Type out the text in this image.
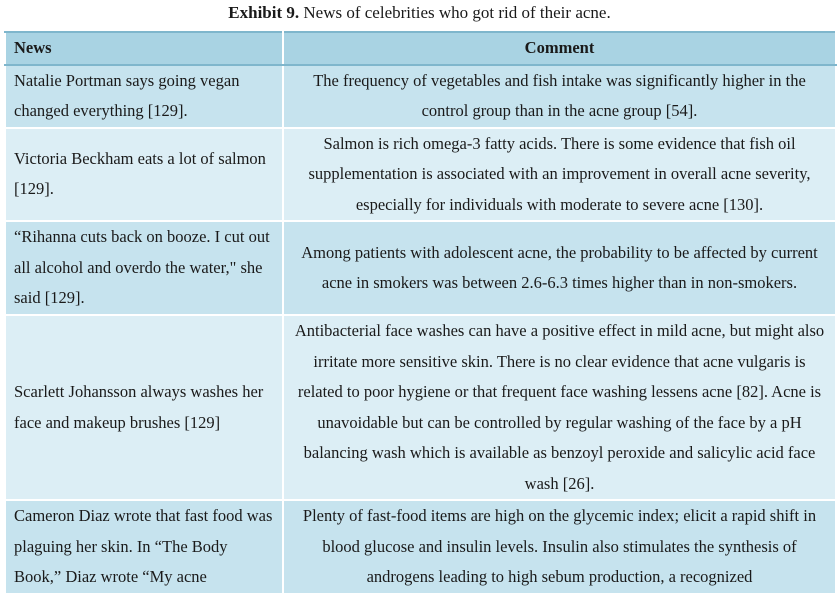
Exhibit 9. News of celebrities who got rid of their acne.
News	Comment
Natalie Portman says going vegan changed everything [129].	The frequency of vegetables and fish intake was significantly higher in the control group than in the acne group [54].
Victoria Beckham eats a lot of salmon [129].	Salmon is rich omega-3 fatty acids. There is some evidence that fish oil supplementation is associated with an improvement in overall acne severity, especially for individuals with moderate to severe acne [130].
“Rihanna cuts back on booze. I cut out all alcohol and overdo the water," she said [129].	Among patients with adolescent acne, the probability to be affected by current acne in smokers was between 2.6-6.3 times higher than in non-smokers.
Scarlett Johansson always washes her face and makeup brushes [129]	Antibacterial face washes can have a positive effect in mild acne, but might also irritate more sensitive skin. There is no clear evidence that acne vulgaris is related to poor hygiene or that frequent face washing lessens acne [82]. Acne is unavoidable but can be controlled by regular washing of the face by a pH balancing wash which is available as benzoyl peroxide and salicylic acid face wash [26].
Cameron Diaz wrote that fast food was plaguing her skin. In “The Body Book,” Diaz wrote “My acne	Plenty of fast-food items are high on the glycemic index; elicit a rapid shift in blood glucose and insulin levels. Insulin also stimulates the synthesis of androgens leading to high sebum production, a recognized
